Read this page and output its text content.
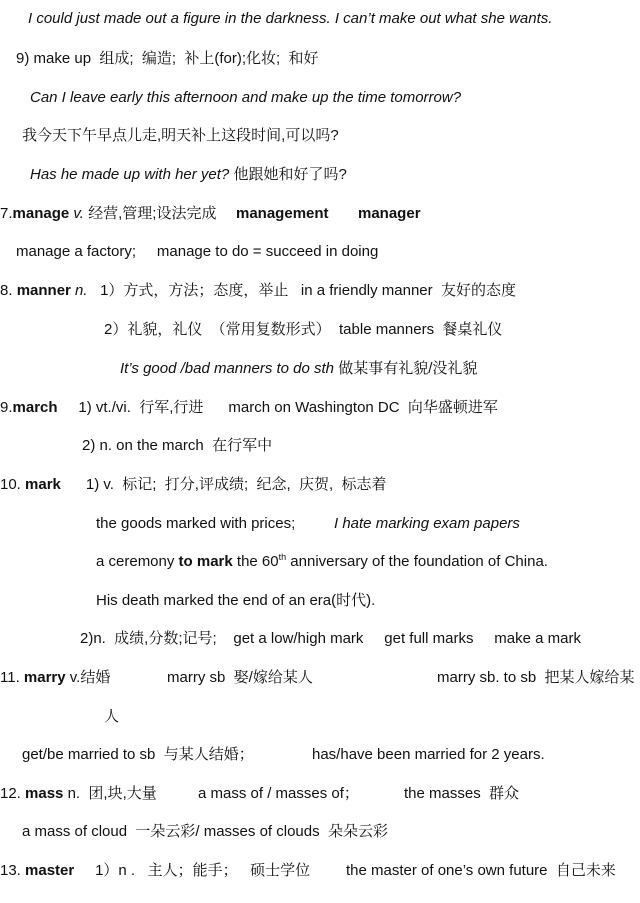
I could just made out a figure in the darkness. I can’t make out what she wants.
9) make up  组成;  编造;  补上(for);化妆;  和好
Can I leave early this afternoon and make up the time tomorrow?
我今天下午早点儿走,明天补上这段时间,可以吗?
Has he made up with her yet? 他跟她和好了吗?
7.manage v. 经营,管理;设法完成 management manager
manage a factory;     manage to do = succeed in doing
8. manner n.   1）方式，方法；态度，举止   in a friendly manner  友好的态度
2）礼貌，礼仪  （常用复数形式）  table manners  餐桌礼仪
It’s good /bad manners to do sth 做某事有礼貌/没礼貌
9.march     1) vt./vi.  行军,行进      march on Washington DC  向华盛顿进军
2) n. on the march  在行军中
10. mark      1) v.  标记;  打分,评成绩;  纪念,  庆贺,  标志着
the goods marked with prices;	I hate marking exam papers
a ceremony to mark the 60th anniversary of the foundation of China.
His death marked the end of an era(时代).
2)n.  成绩,分数;记号;    get a low/high mark     get full marks     make a mark
11. marry v.结婚	marry sb  娶/嫁给某人	marry sb. to sb  把某人嫁给某
人
get/be married to sb  与某人结婚；	has/have been married for 2 years.
12. mass n.  团,块,大量	a mass of / masses of；	the masses  群众
a mass of cloud  一朵云彩/ masses of clouds  朵朵云彩
13. master     1）n .   主人；能手；   硕士学位 the master of one’s own future  自己未来
